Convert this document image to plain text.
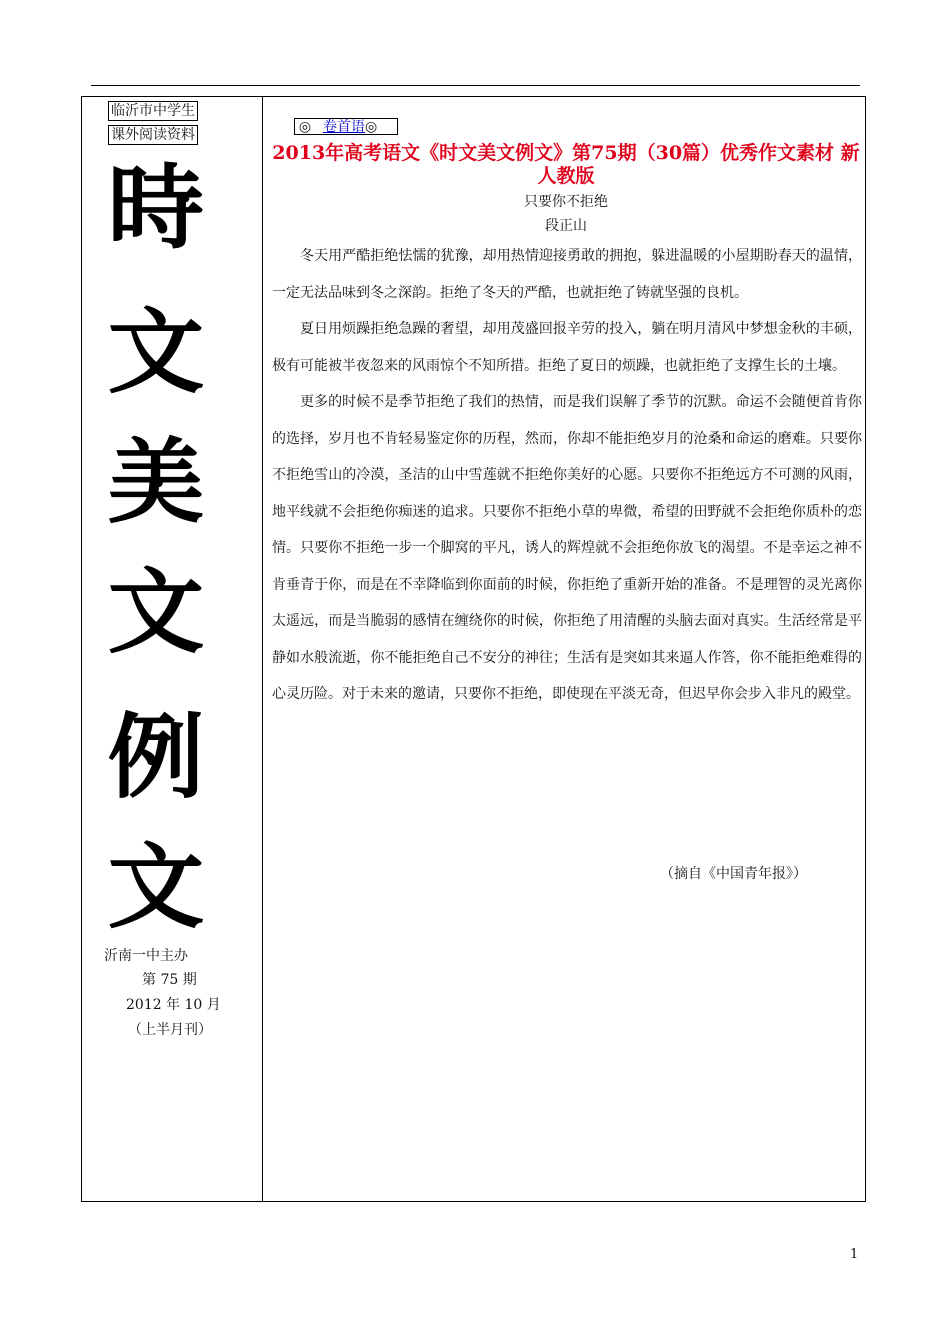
临沂市中学生
课外阅读资料
時
文
美
文
例
文
沂南一中主办
第 75 期
2012 年 10 月
（上半月刊）
◎ 卷首语◎
2013年高考语文《时文美文例文》第75期（30篇）优秀作文素材 新人教版
只要你不拒绝
段正山

冬天用严酷拒绝怯懦的犹豫，却用热情迎接勇敢的拥抱，躲进温暖的小屋期盼春天的温情，一定无法品味到冬之深韵。拒绝了冬天的严酷，也就拒绝了铸就坚强的良机。

夏日用烦躁拒绝急躁的奢望，却用茂盛回报辛劳的投入，躺在明月清风中梦想金秋的丰硕，极有可能被半夜忽来的风雨惊个不知所措。拒绝了夏日的烦躁，也就拒绝了支撑生长的土壤。

更多的时候不是季节拒绝了我们的热情，而是我们误解了季节的沉默。命运不会随便首肯你的选择，岁月也不肯轻易鉴定你的历程，然而，你却不能拒绝岁月的沧桑和命运的磨难。只要你不拒绝雪山的冷漠，圣洁的山中雪莲就不拒绝你美好的心愿。只要你不拒绝远方不可测的风雨，地平线就不会拒绝你痴迷的追求。只要你不拒绝小草的卑微，希望的田野就不会拒绝你质朴的恋情。只要你不拒绝一步一个脚窝的平凡，诱人的辉煌就不会拒绝你放飞的渴望。不是幸运之神不肯垂青于你，而是在不幸降临到你面前的时候，你拒绝了重新开始的准备。不是理智的灵光离你太遥远，而是当脆弱的感情在缠绕你的时候，你拒绝了用清醒的头脑去面对真实。生活经常是平静如水般流逝，你不能拒绝自己不安分的神往；生活有是突如其来逼人作答，你不能拒绝难得的心灵历险。对于未来的邀请，只要你不拒绝，即使现在平淡无奇，但迟早你会步入非凡的殿堂。

（摘自《中国青年报》）
1
